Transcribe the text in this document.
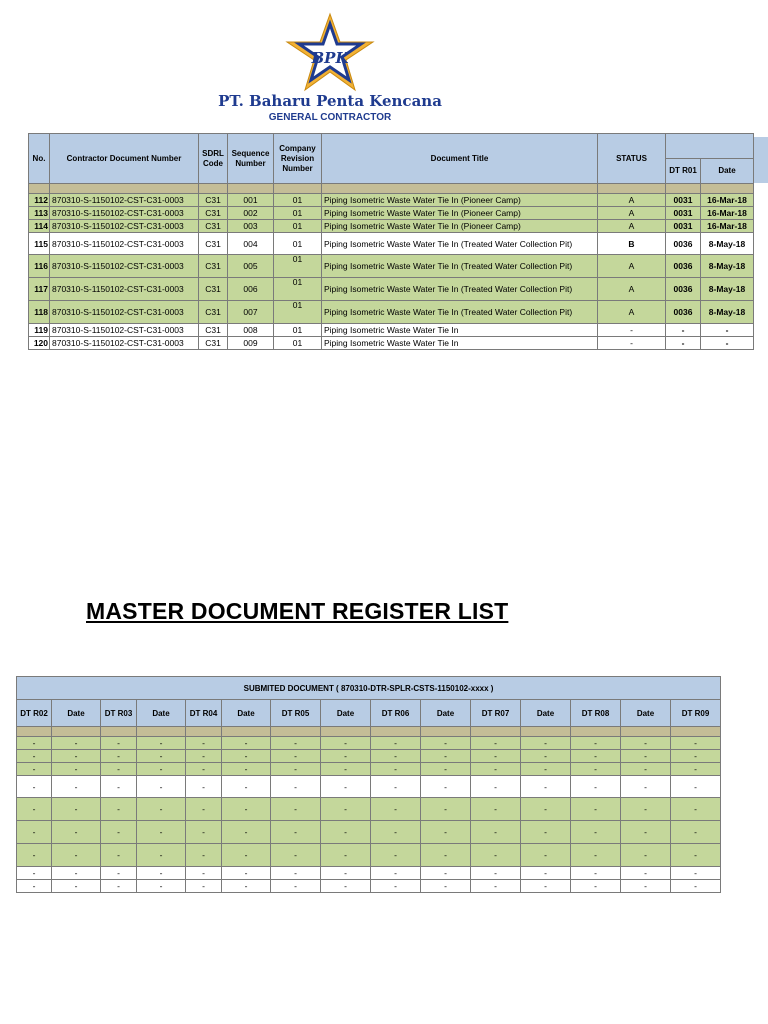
BPK
PT. Baharu Penta Kencana
GENERAL CONTRACTOR
No.	Contractor Document Number	SDRL Code	Sequence Number	Company Revision Number	Document Title	STATUS		
							DT R01	Date

112	870310-S-1150102-CST-C31-0003	C31	001	01	Piping Isometric Waste Water Tie In (Pioneer Camp)	A	0031	16-Mar-18
113	870310-S-1150102-CST-C31-0003	C31	002	01	Piping Isometric Waste Water Tie In (Pioneer Camp)	A	0031	16-Mar-18
114	870310-S-1150102-CST-C31-0003	C31	003	01	Piping Isometric Waste Water Tie In (Pioneer Camp)	A	0031	16-Mar-18
115	870310-S-1150102-CST-C31-0003	C31	004	01	Piping Isometric Waste Water Tie In (Treated Water Collection Pit)	B	0036	8-May-18
116	870310-S-1150102-CST-C31-0003	C31	005	01	Piping Isometric Waste Water Tie In (Treated Water Collection Pit)	A	0036	8-May-18
117	870310-S-1150102-CST-C31-0003	C31	006	01	Piping Isometric Waste Water Tie In (Treated Water Collection Pit)	A	0036	8-May-18
118	870310-S-1150102-CST-C31-0003	C31	007	01	Piping Isometric Waste Water Tie In (Treated Water Collection Pit)	A	0036	8-May-18
119	870310-S-1150102-CST-C31-0003	C31	008	01	Piping Isometric Waste Water Tie In	-	-	-
120	870310-S-1150102-CST-C31-0003	C31	009	01	Piping Isometric Waste Water Tie In	-	-	-
MASTER DOCUMENT REGISTER LIST
SUBMITED DOCUMENT ( 870310-DTR-SPLR-CSTS-1150102-xxxx )														
DT R02	Date	DT R03	Date	DT R04	Date	DT R05	Date	DT R06	Date	DT R07	Date	DT R08	Date	DT R09

-	-	-	-	-	-	-	-	-	-	-	-	-	-	-
-	-	-	-	-	-	-	-	-	-	-	-	-	-	-
-	-	-	-	-	-	-	-	-	-	-	-	-	-	-
-	-	-	-	-	-	-	-	-	-	-	-	-	-	-
-	-	-	-	-	-	-	-	-	-	-	-	-	-	-
-	-	-	-	-	-	-	-	-	-	-	-	-	-	-
-	-	-	-	-	-	-	-	-	-	-	-	-	-	-
-	-	-	-	-	-	-	-	-	-	-	-	-	-	-
-	-	-	-	-	-	-	-	-	-	-	-	-	-	-
